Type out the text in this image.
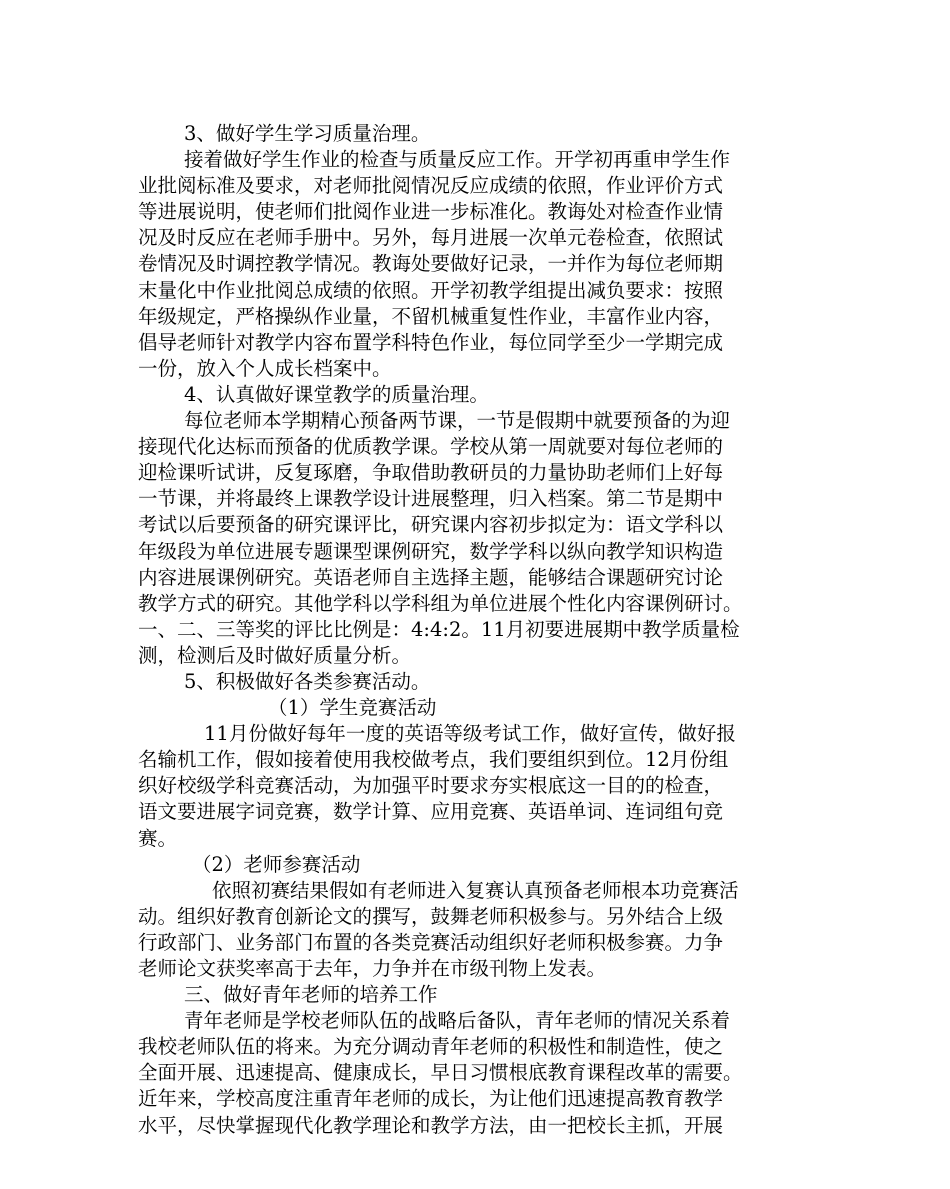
3、做好学生学习质量治理。
接着做好学生作业的检查与质量反应工作。开学初再重申学生作
业批阅标准及要求，对老师批阅情况反应成绩的依照，作业评价方式
等进展说明，使老师们批阅作业进一步标准化。教诲处对检查作业情
况及时反应在老师手册中。另外，每月进展一次单元卷检查，依照试
卷情况及时调控教学情况。教诲处要做好记录，一并作为每位老师期
末量化中作业批阅总成绩的依照。开学初教学组提出减负要求：按照
年级规定，严格操纵作业量，不留机械重复性作业，丰富作业内容，
倡导老师针对教学内容布置学科特色作业，每位同学至少一学期完成
一份，放入个人成长档案中。
4、认真做好课堂教学的质量治理。
每位老师本学期精心预备两节课，一节是假期中就要预备的为迎
接现代化达标而预备的优质教学课。学校从第一周就要对每位老师的
迎检课听试讲，反复琢磨，争取借助教研员的力量协助老师们上好每
一节课，并将最终上课教学设计进展整理，归入档案。第二节是期中
考试以后要预备的研究课评比，研究课内容初步拟定为：语文学科以
年级段为单位进展专题课型课例研究，数学学科以纵向教学知识构造
内容进展课例研究。英语老师自主选择主题，能够结合课题研究讨论
教学方式的研究。其他学科以学科组为单位进展个性化内容课例研讨。
一、二、三等奖的评比比例是：4:4:2。11月初要进展期中教学质量检
测，检测后及时做好质量分析。
5、积极做好各类参赛活动。
（1）学生竞赛活动
11月份做好每年一度的英语等级考试工作，做好宣传，做好报
名输机工作，假如接着使用我校做考点，我们要组织到位。12月份组
织好校级学科竞赛活动，为加强平时要求夯实根底这一目的的检查，
语文要进展字词竞赛，数学计算、应用竞赛、英语单词、连词组句竞
赛。
（2）老师参赛活动
依照初赛结果假如有老师进入复赛认真预备老师根本功竞赛活
动。组织好教育创新论文的撰写，鼓舞老师积极参与。另外结合上级
行政部门、业务部门布置的各类竞赛活动组织好老师积极参赛。力争
老师论文获奖率高于去年，力争并在市级刊物上发表。
三、做好青年老师的培养工作
青年老师是学校老师队伍的战略后备队，青年老师的情况关系着
我校老师队伍的将来。为充分调动青年老师的积极性和制造性，使之
全面开展、迅速提高、健康成长，早日习惯根底教育课程改革的需要。
近年来，学校高度注重青年老师的成长，为让他们迅速提高教育教学
水平，尽快掌握现代化教学理论和教学方法，由一把校长主抓，开展
